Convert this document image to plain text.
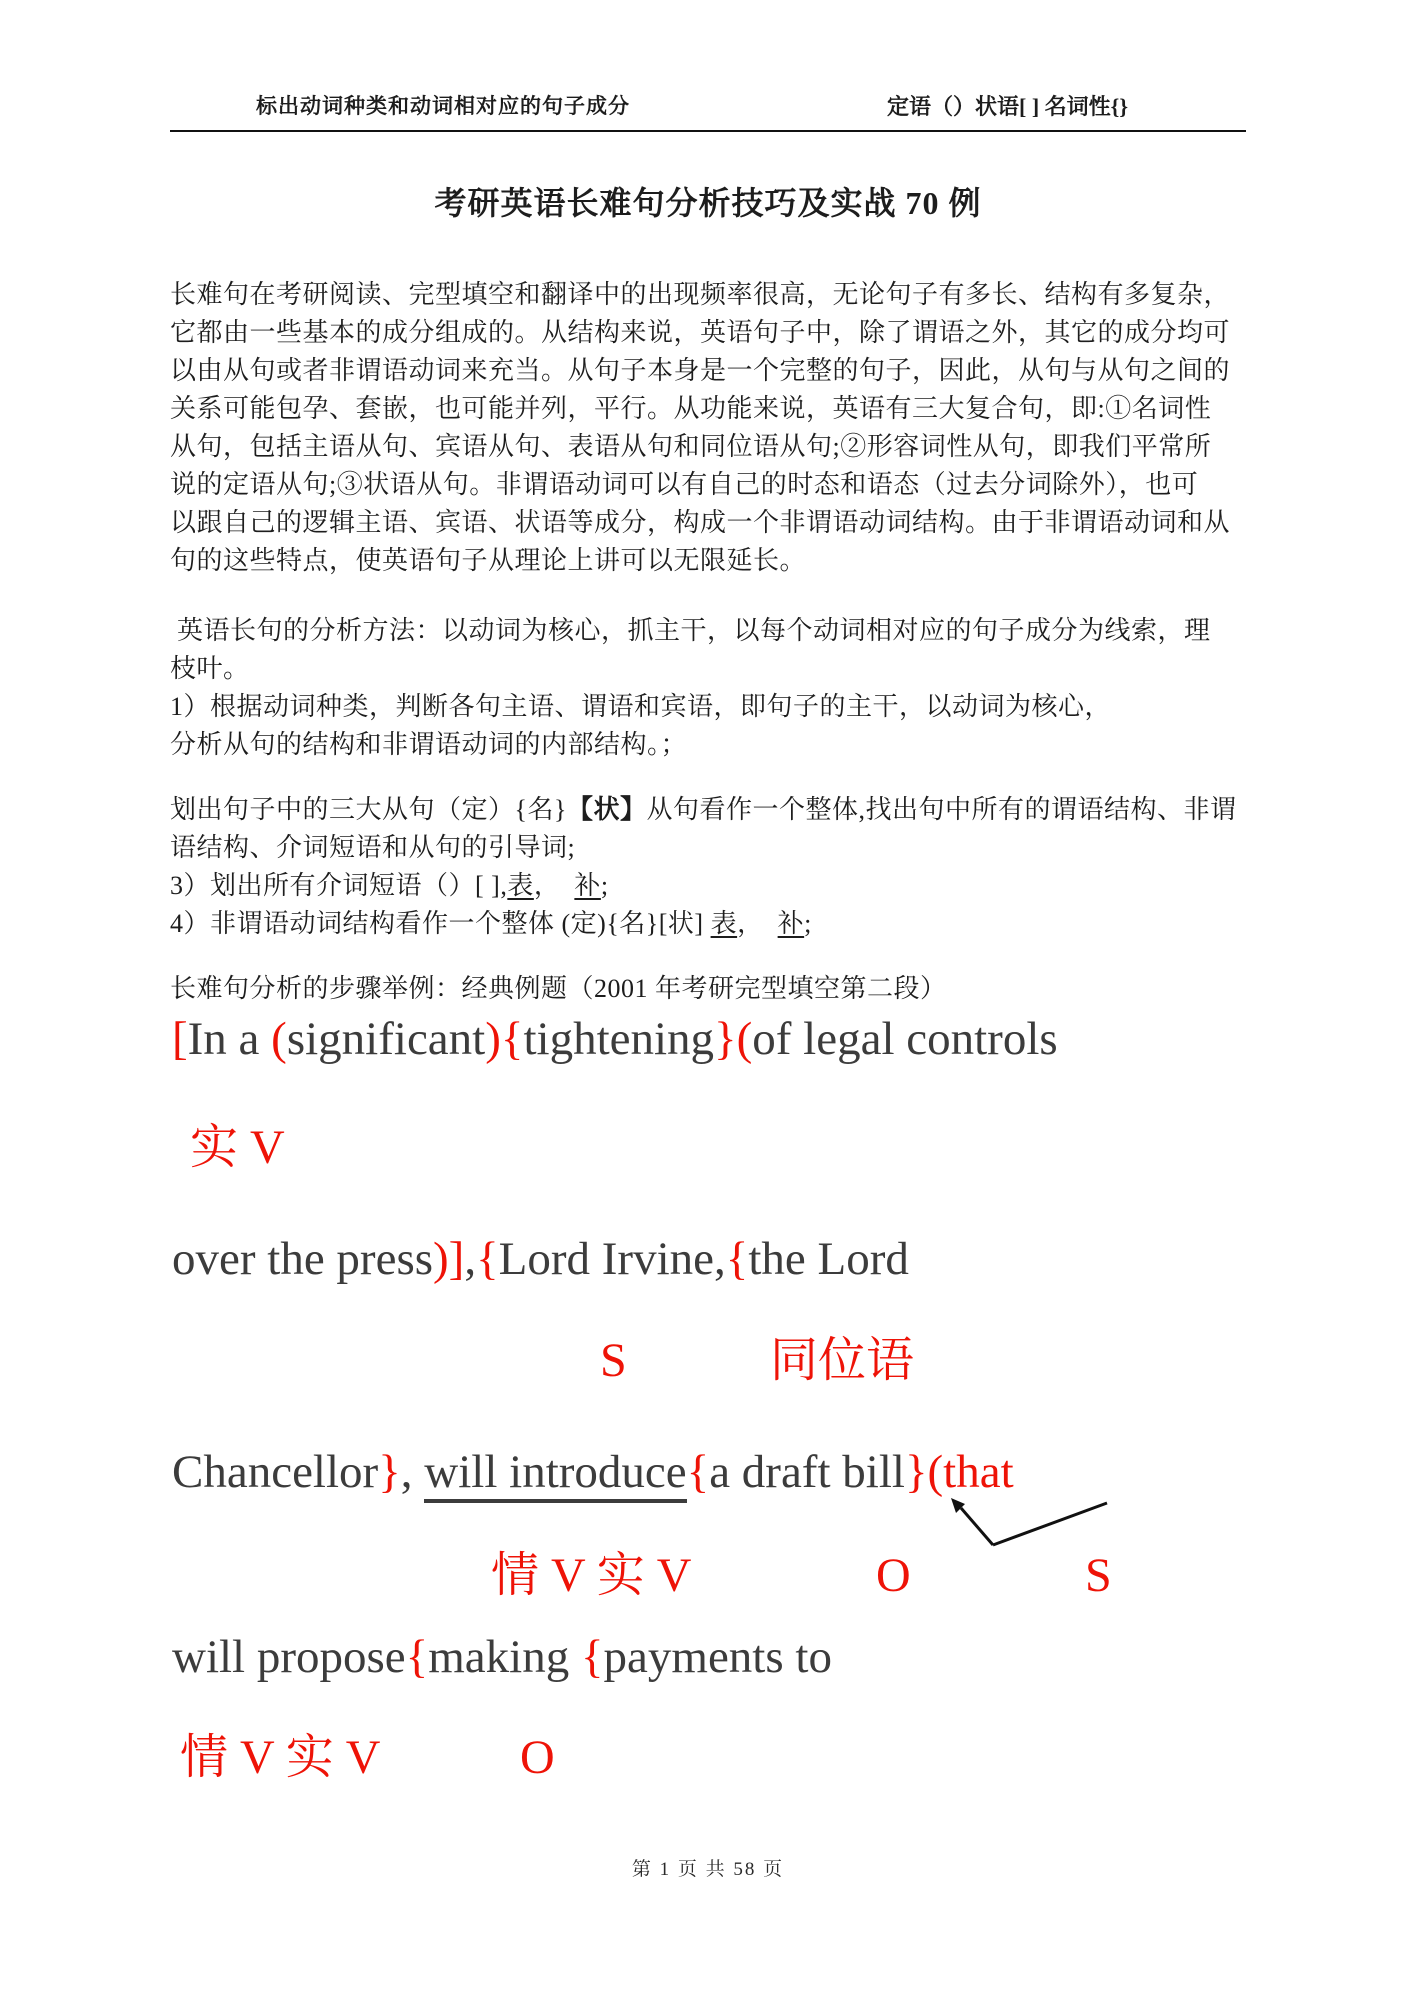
标出动词种类和动词相对应的句子成分	定语（）状语[ ] 名词性{}
考研英语长难句分析技巧及实战 70 例
长难句在考研阅读、完型填空和翻译中的出现频率很高，无论句子有多长、结构有多复杂，
它都由一些基本的成分组成的。从结构来说，英语句子中，除了谓语之外，其它的成分均可
以由从句或者非谓语动词来充当。从句子本身是一个完整的句子，因此，从句与从句之间的
关系可能包孕、套嵌，也可能并列，平行。从功能来说，英语有三大复合句，即:①名词性
从句，包括主语从句、宾语从句、表语从句和同位语从句;②形容词性从句，即我们平常所
说的定语从句;③状语从句。非谓语动词可以有自己的时态和语态（过去分词除外），也可
以跟自己的逻辑主语、宾语、状语等成分，构成一个非谓语动词结构。由于非谓语动词和从
句的这些特点，使英语句子从理论上讲可以无限延长。
英语长句的分析方法：以动词为核心，抓主干，以每个动词相对应的句子成分为线索，理
枝叶。
1）根据动词种类，判断各句主语、谓语和宾语，即句子的主干，以动词为核心，
分析从句的结构和非谓语动词的内部结构。；
划出句子中的三大从句（定）{名}【状】从句看作一个整体,找出句中所有的谓语结构、非谓
语结构、介词短语和从句的引导词;
3）划出所有介词短语（）[ ],表，  补;
4）非谓语动词结构看作一个整体 (定){名}[状] 表，  补;
长难句分析的步骤举例：经典例题（2001 年考研完型填空第二段）
[In a (significant){tightening}(of legal controls
实 V
over the press)],{Lord Irvine,{the Lord
S	同位语
Chancellor}, will introduce{a draft bill}(that
情 V 实 V	O	S
will propose{making {payments to
情 V 实 V	O
第 1 页 共 58 页
